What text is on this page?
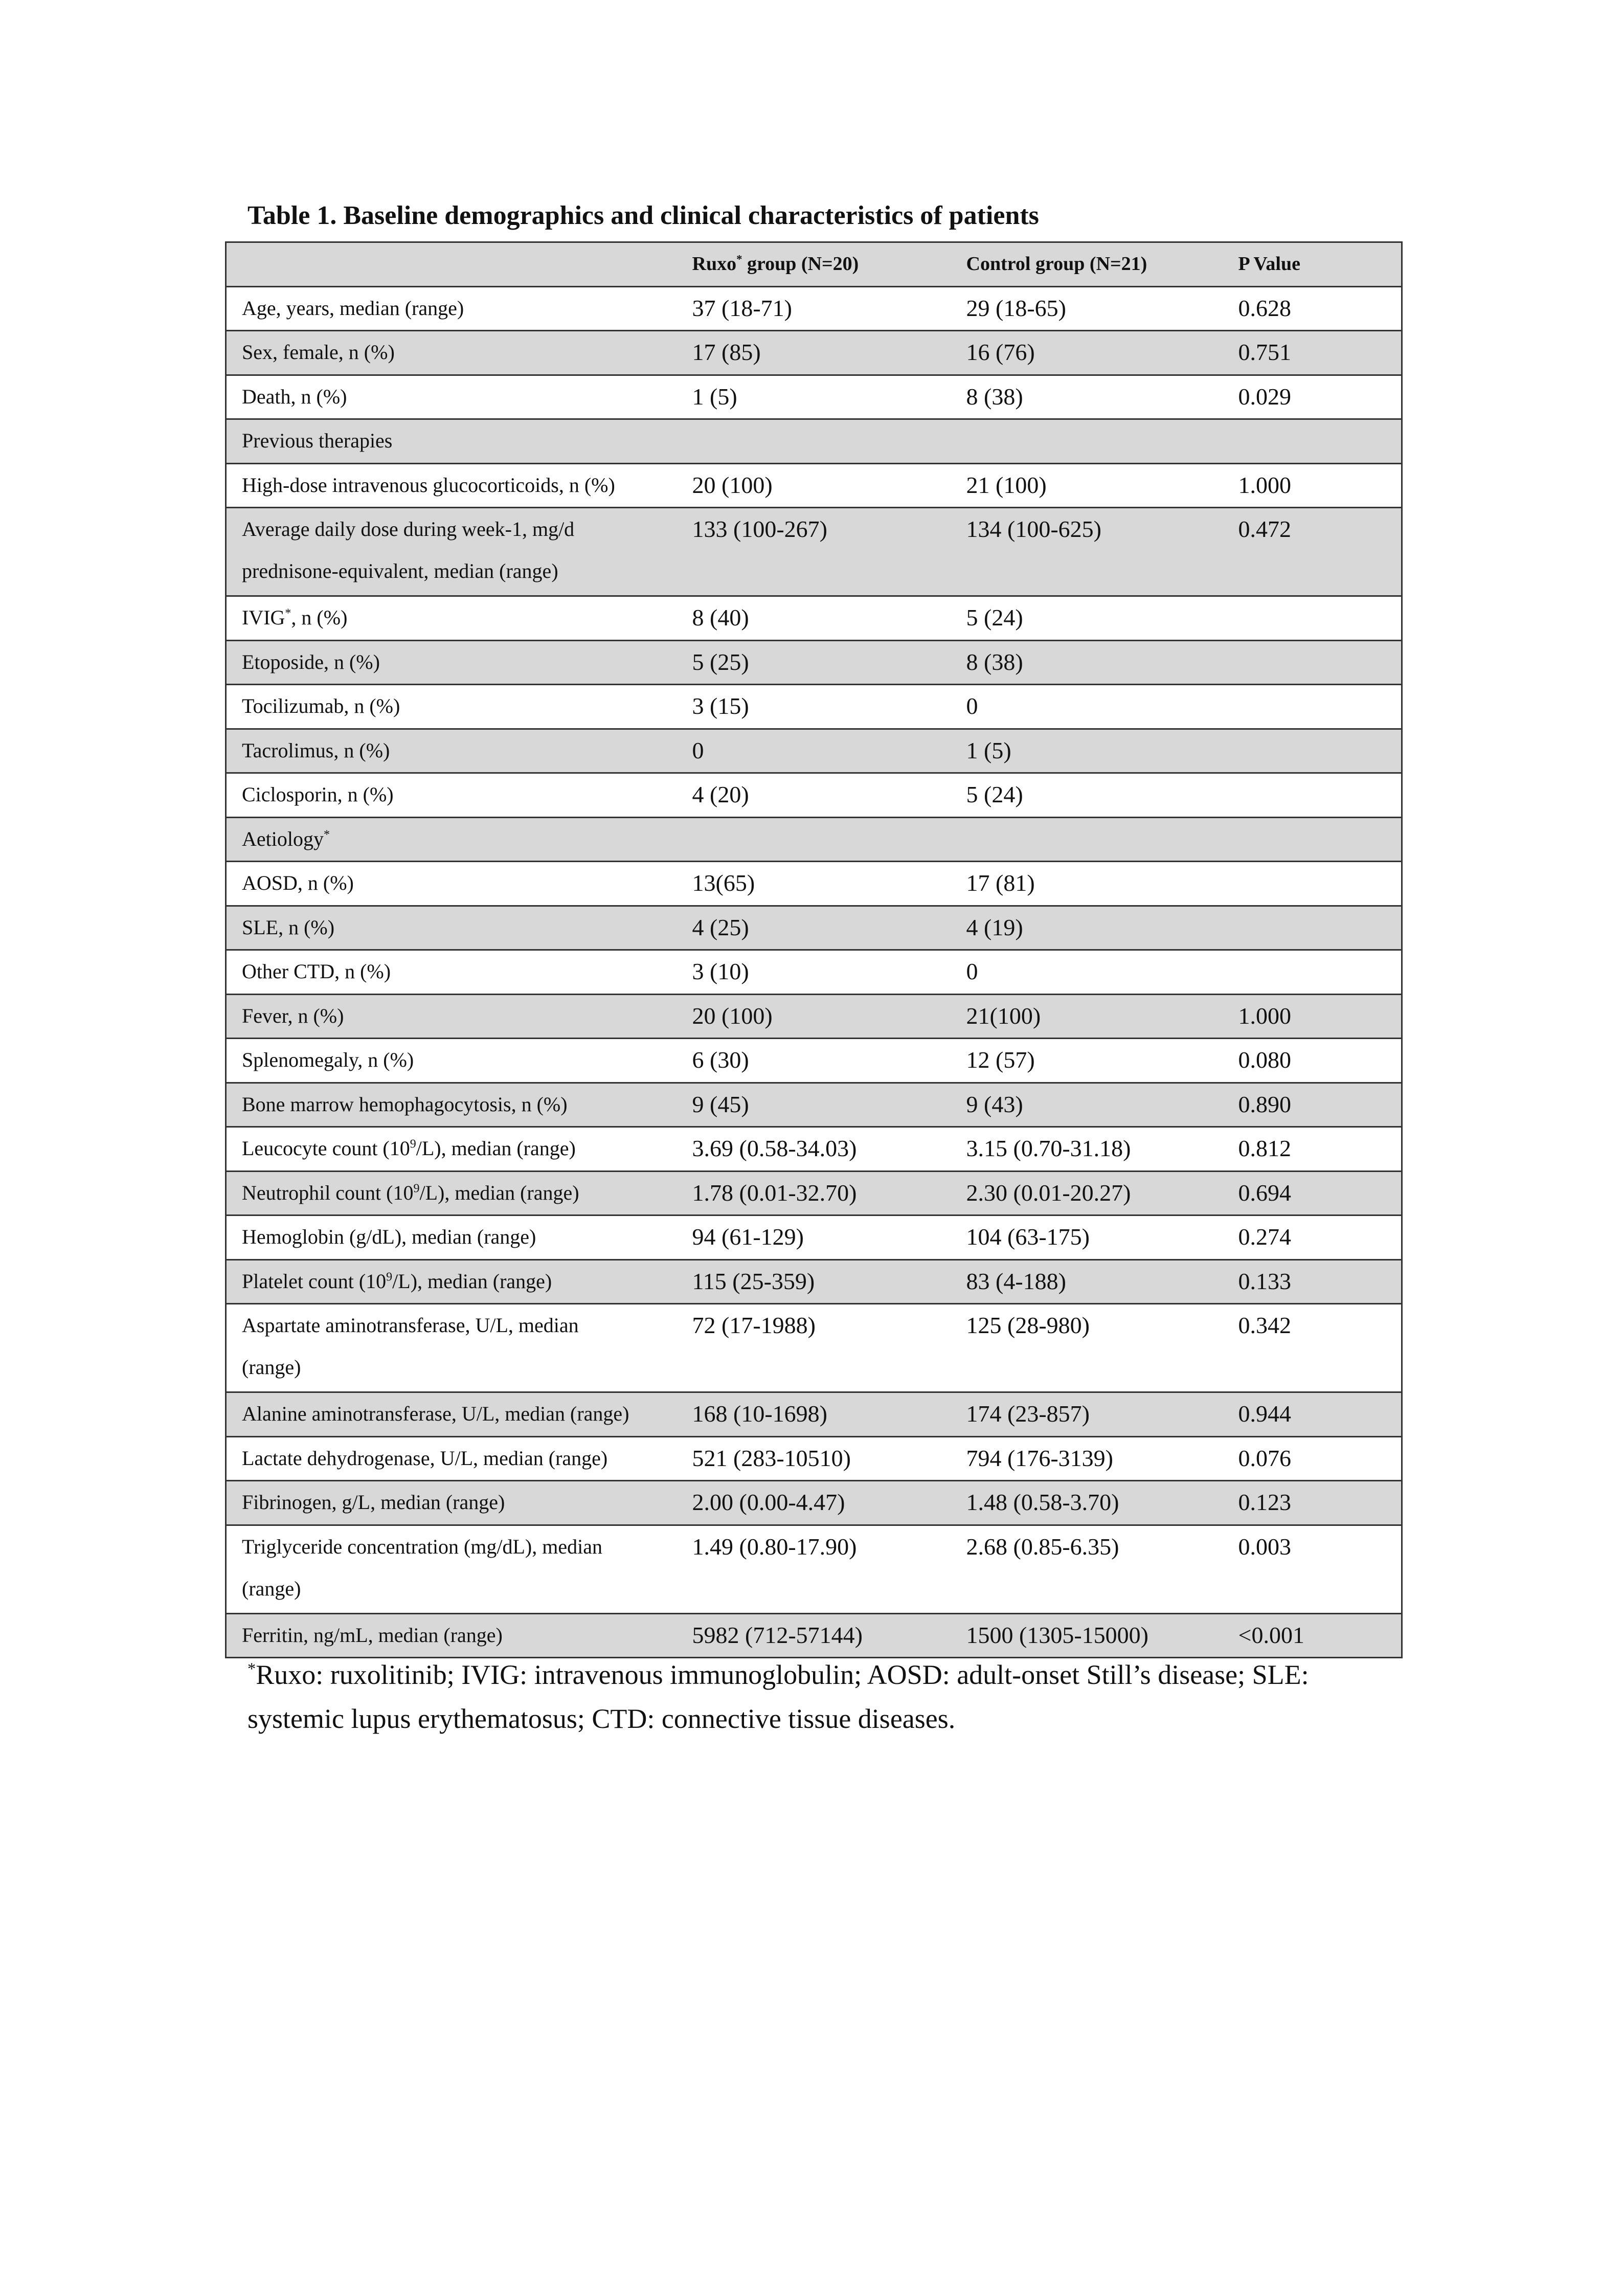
Table 1. Baseline demographics and clinical characteristics of patients
	Ruxo* group (N=20)	Control group (N=21)	P Value
Age, years, median (range)	37 (18-71)	29 (18-65)	0.628
Sex, female, n (%)	17 (85)	16 (76)	0.751
Death, n (%)	1 (5)	8 (38)	0.029
Previous therapies			
High-dose intravenous glucocorticoids, n (%)	20 (100)	21 (100)	1.000

Average daily dose during week-1, mg/d
prednisone-equivalent, median (range)	133 (100-267)	134 (100-625)	0.472
IVIG*, n (%)	8 (40)	5 (24)	
Etoposide, n (%)	5 (25)	8 (38)	
Tocilizumab, n (%)	3 (15)	0	
Tacrolimus, n (%)	0	1 (5)	
Ciclosporin, n (%)	4 (20)	5 (24)	
Aetiology*			
AOSD, n (%)	13(65)	17 (81)	
SLE, n (%)	4 (25)	4 (19)	
Other CTD, n (%)	3 (10)	0	
Fever, n (%)	20 (100)	21(100)	1.000
Splenomegaly, n (%)	6 (30)	12 (57)	0.080
Bone marrow hemophagocytosis, n (%)	9 (45)	9 (43)	0.890
Leucocyte count $(10^9/L)$, median (range)	3.69 (0.58-34.03)	3.15 (0.70-31.18)	0.812
Neutrophil count $(10^9/L)$, median (range)	1.78 (0.01-32.70)	2.30 (0.01-20.27)	0.694
Hemoglobin (g/dL), median (range)	94 (61-129)	104 (63-175)	0.274
Platelet count $(10^9/L)$, median (range)	115 (25-359)	83 (4-188)	0.133

Aspartate aminotransferase, U/L, median
(range)	72 (17-1988)	125 (28-980)	0.342
Alanine aminotransferase, U/L, median (range)	168 (10-1698)	174 (23-857)	0.944
Lactate dehydrogenase, U/L, median (range)	521 (283-10510)	794 (176-3139)	0.076
Fibrinogen, g/L, median (range)	2.00 (0.00-4.47)	1.48 (0.58-3.70)	0.123

Triglyceride concentration (mg/dL), median
(range)	1.49 (0.80-17.90)	2.68 (0.85-6.35)	0.003
Ferritin, ng/mL, median (range)	5982 (712-57144)	1500 (1305-15000)	<0.001
*Ruxo: ruxolitinib; IVIG: intravenous immunoglobulin; AOSD: adult-onset Still’s disease; SLE: systemic lupus erythematosus; CTD: connective tissue diseases.
